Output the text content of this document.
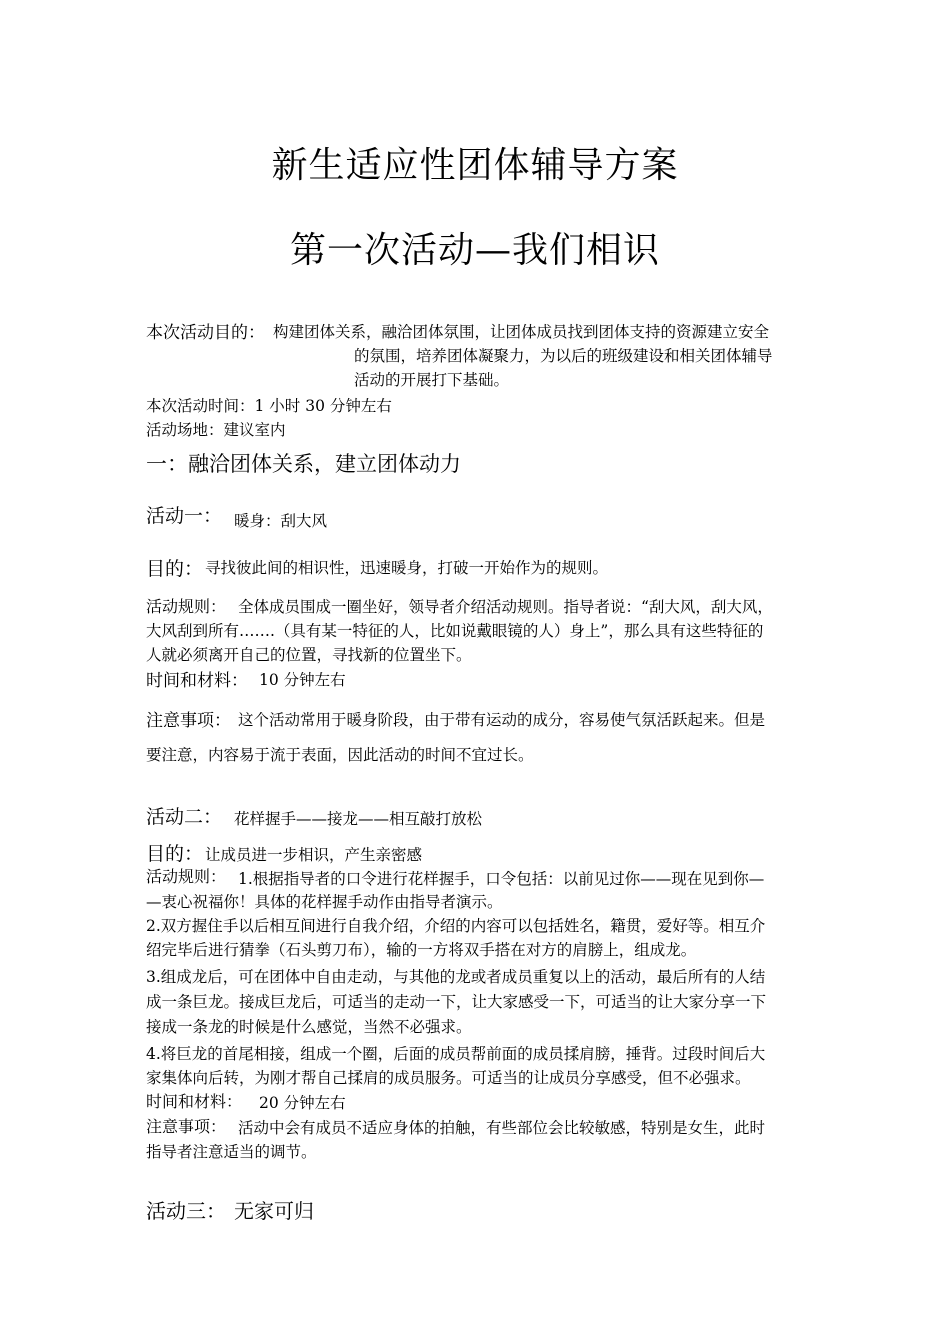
新生适应性团体辅导方案
第一次活动—我们相识
本次活动目的： 构建团体关系，融洽团体氛围，让团体成员找到团体支持的资源建立安全
的氛围，培养团体凝聚力，为以后的班级建设和相关团体辅导
活动的开展打下基础。
本次活动时间：1 小时 30 分钟左右
活动场地：建议室内
一：融洽团体关系，建立团体动力
活动一： 暖身：刮大风
目的： 寻找彼此间的相识性，迅速暖身，打破一开始作为的规则。
活动规则： 全体成员围成一圈坐好，领导者介绍活动规则。指导者说：“刮大风，刮大风，
大风刮到所有…….（具有某一特征的人，比如说戴眼镜的人）身上”，那么具有这些特征的
人就必须离开自己的位置，寻找新的位置坐下。
时间和材料： 10 分钟左右
注意事项： 这个活动常用于暖身阶段，由于带有运动的成分，容易使气氛活跃起来。但是
要注意，内容易于流于表面，因此活动的时间不宜过长。
活动二： 花样握手——接龙——相互敲打放松
目的： 让成员进一步相识，产生亲密感
活动规则： 1.根据指导者的口令进行花样握手，口令包括：以前见过你——现在见到你—
—衷心祝福你！具体的花样握手动作由指导者演示。
2.双方握住手以后相互间进行自我介绍，介绍的内容可以包括姓名，籍贯，爱好等。相互介
绍完毕后进行猜拳（石头剪刀布），输的一方将双手搭在对方的肩膀上，组成龙。
3.组成龙后，可在团体中自由走动，与其他的龙或者成员重复以上的活动，最后所有的人结
成一条巨龙。接成巨龙后，可适当的走动一下，让大家感受一下，可适当的让大家分享一下
接成一条龙的时候是什么感觉，当然不必强求。
4.将巨龙的首尾相接，组成一个圈，后面的成员帮前面的成员揉肩膀，捶背。过段时间后大
家集体向后转，为刚才帮自己揉肩的成员服务。可适当的让成员分享感受，但不必强求。
时间和材料： 20 分钟左右
注意事项： 活动中会有成员不适应身体的拍触，有些部位会比较敏感，特别是女生，此时
指导者注意适当的调节。
活动三： 无家可归
